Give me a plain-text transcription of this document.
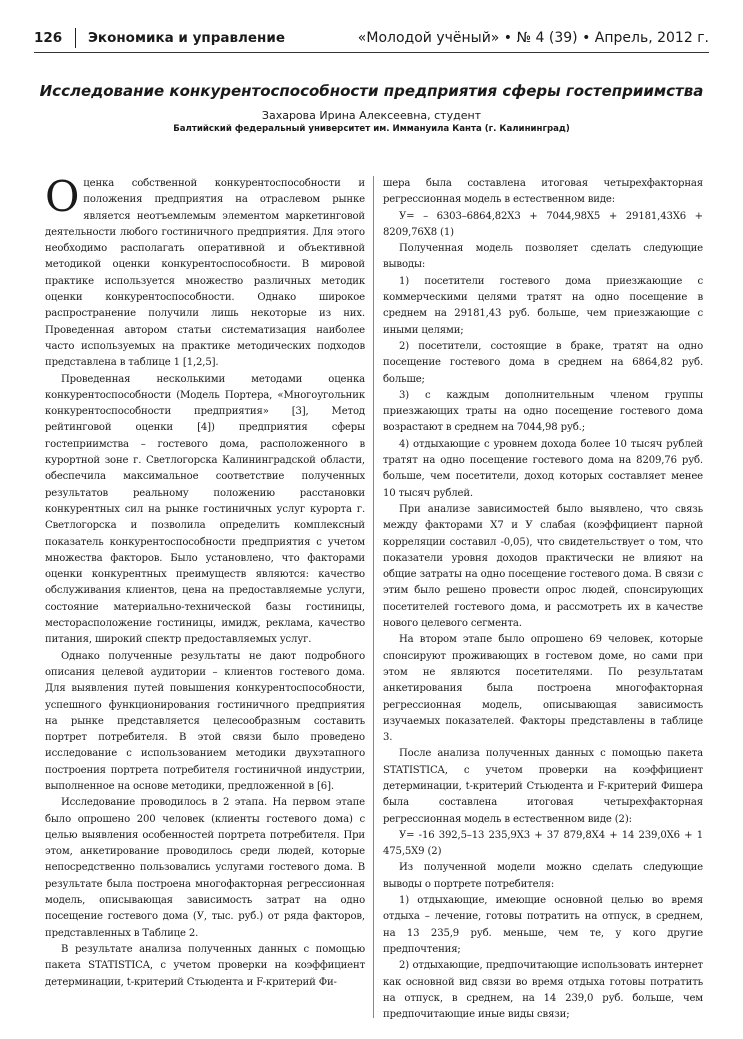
126 Экономика и управление	«Молодой учёный» • № 4 (39) • Апрель, 2012 г.
Исследование конкурентоспособности предприятия сферы гостеприимства
Захарова Ирина Алексеевна, студент
Балтийский федеральный университет им. Иммануила Канта (г. Калининград)

Оценка собственной конкурентоспособности и положения предприятия на отраслевом рынке является неотъемлемым элементом маркетинговой деятельности любого гостиничного предприятия. Для этого необходимо располагать оперативной и объективной методикой оценки конкурентоспособности. В мировой практике используется множество различных методик оценки конкурентоспособности. Однако широкое распространение получили лишь некоторые из них. Проведенная автором статьи систематизация наиболее часто используемых на практике методических подходов представлена в таблице 1 [1,2,5].

Проведенная несколькими методами оценка конкурентоспособности (Модель Портера, «Многоугольник конкурентоспособности предприятия» [3], Метод рейтинговой оценки [4]) предприятия сферы гостеприимства – гостевого дома, расположенного в курортной зоне г. Светлогорска Калининградской области, обеспечила максимальное соответствие полученных результатов реальному положению расстановки конкурентных сил на рынке гостиничных услуг курорта г. Светлогорска и позволила определить комплексный показатель конкурентоспособности предприятия с учетом множества факторов. Было установлено, что факторами оценки конкурентных преимуществ являются: качество обслуживания клиентов, цена на предоставляемые услуги, состояние материально-технической базы гостиницы, месторасположение гостиницы, имидж, реклама, качество питания, широкий спектр предоставляемых услуг.

Однако полученные результаты не дают подробного описания целевой аудитории – клиентов гостевого дома. Для выявления путей повышения конкурентоспособности, успешного функционирования гостиничного предприятия на рынке представляется целесообразным составить портрет потребителя. В этой связи было проведено исследование с использованием методики двухэтапного построения портрета потребителя гостиничной индустрии, выполненное на основе методики, предложенной в [6].

Исследование проводилось в 2 этапа. На первом этапе было опрошено 200 человек (клиенты гостевого дома) с целью выявления особенностей портрета потребителя. При этом, анкетирование проводилось среди людей, которые непосредственно пользовались услугами гостевого дома. В результате была построена многофакторная регрессионная модель, описывающая зависимость затрат на одно посещение гостевого дома (У, тыс. руб.) от ряда факторов, представленных в Таблице 2.

В результате анализа полученных данных с помощью пакета STATISTICA, с учетом проверки на коэффициент детерминации, t-критерий Стьюдента и F-критерий Фи-

шера была составлена итоговая четырехфакторная регрессионная модель в естественном виде:

У= – 6303–6864,82Х3 + 7044,98Х5 + 29181,43Х6 + 8209,76Х8 (1)

Полученная модель позволяет сделать следующие выводы:

1) посетители гостевого дома приезжающие с коммерческими целями тратят на одно посещение в среднем на 29181,43 руб. больше, чем приезжающие с иными целями;

2) посетители, состоящие в браке, тратят на одно посещение гостевого дома в среднем на 6864,82 руб. больше;

3) с каждым дополнительным членом группы приезжающих траты на одно посещение гостевого дома возрастают в среднем на 7044,98 руб.;

4) отдыхающие с уровнем дохода более 10 тысяч рублей тратят на одно посещение гостевого дома на 8209,76 руб. больше, чем посетители, доход которых составляет менее 10 тысяч рублей.

При анализе зависимостей было выявлено, что связь между факторами Х7 и У слабая (коэффициент парной корреляции составил -0,05), что свидетельствует о том, что показатели уровня доходов практически не влияют на общие затраты на одно посещение гостевого дома. В связи с этим было решено провести опрос людей, спонсирующих посетителей гостевого дома, и рассмотреть их в качестве нового целевого сегмента.

На втором этапе было опрошено 69 человек, которые спонсируют проживающих в гостевом доме, но сами при этом не являются посетителями. По результатам анкетирования была построена многофакторная регрессионная модель, описывающая зависимость изучаемых показателей. Факторы представлены в таблице 3.

После анализа полученных данных с помощью пакета STATISTICA, с учетом проверки на коэффициент детерминации, t-критерий Стьюдента и F-критерий Фишера была составлена итоговая четырехфакторная регрессионная модель в естественном виде (2):

У= -16 392,5–13 235,9Х3 + 37 879,8Х4 + 14 239,0Х6 + 1 475,5Х9 (2)

Из полученной модели можно сделать следующие выводы о портрете потребителя:

1) отдыхающие, имеющие основной целью во время отдыха – лечение, готовы потратить на отпуск, в среднем, на 13 235,9 руб. меньше, чем те, у кого другие предпочтения;

2) отдыхающие, предпочитающие использовать интернет как основной вид связи во время отдыха готовы потратить на отпуск, в среднем, на 14 239,0 руб. больше, чем предпочитающие иные виды связи;
